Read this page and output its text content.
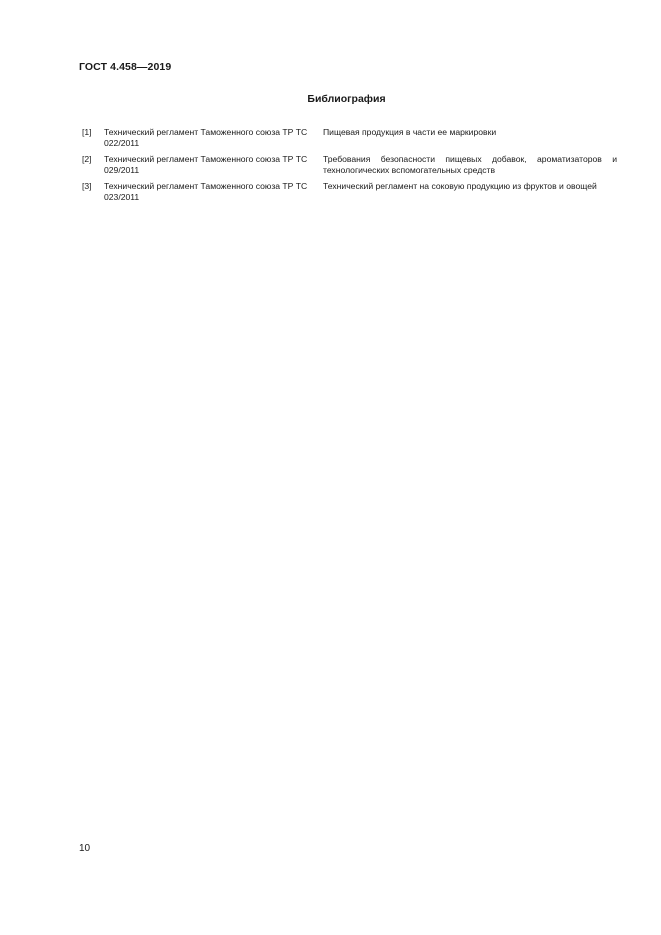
ГОСТ 4.458—2019
Библиография
[1]	Технический регламент Таможенного союза ТР ТС 022/2011	Пищевая продукция в части ее маркировки
[2]	Технический регламент Таможенного союза ТР ТС 029/2011	Требования безопасности пищевых добавок, ароматизаторов и технологических вспомогательных средств
[3]	Технический регламент Таможенного союза ТР ТС 023/2011	Технический регламент на соковую продукцию из фруктов и овощей
10
